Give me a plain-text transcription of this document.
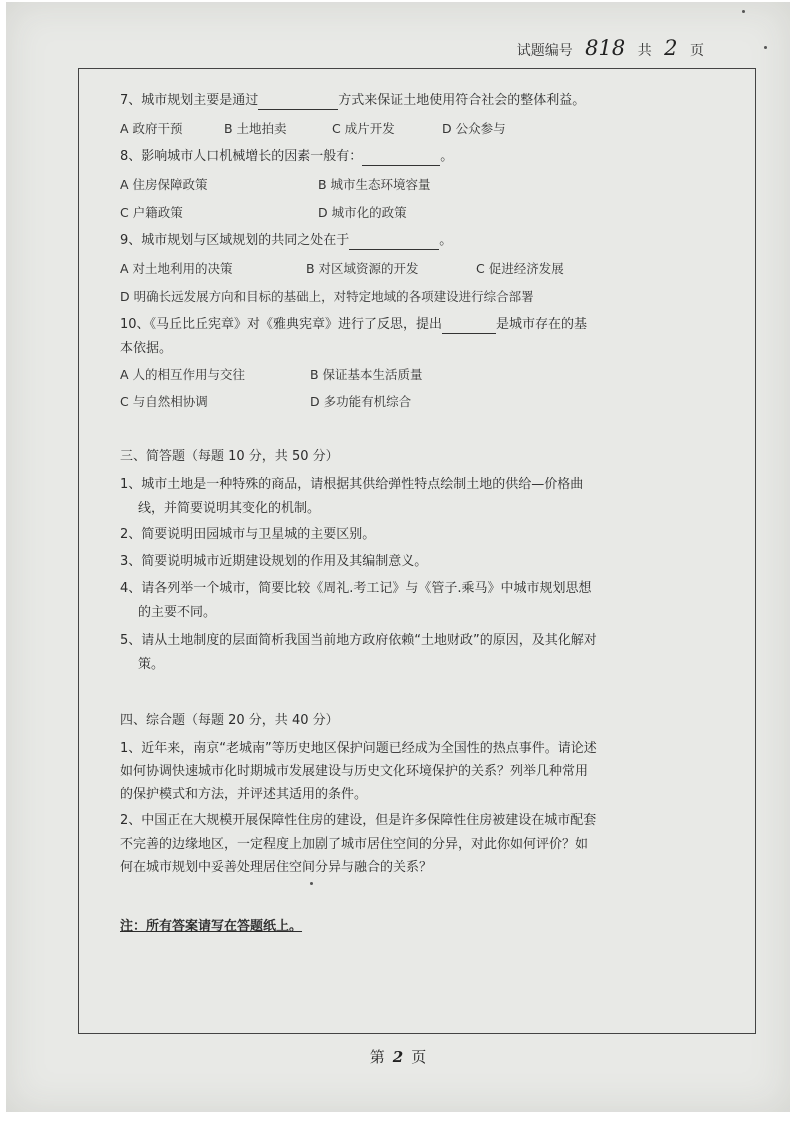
试题编号 818 共 2 页
7、城市规划主要是通过	方式来保证土地使用符合社会的整体利益。
A 政府干预	B 土地拍卖	C 成片开发	D 公众参与
8、影响城市人口机械增长的因素一般有：	。
A 住房保障政策	B 城市生态环境容量
C 户籍政策	D 城市化的政策
9、城市规划与区域规划的共同之处在于	。
A 对土地利用的决策	B 对区域资源的开发	C 促进经济发展
D 明确长远发展方向和目标的基础上，对特定地域的各项建设进行综合部署
10、《马丘比丘宪章》对《雅典宪章》进行了反思，提出	是城市存在的基
本依据。
A 人的相互作用与交往	B 保证基本生活质量
C 与自然相协调	D 多功能有机综合
三、简答题（每题 10 分，共 50 分）
1、城市土地是一种特殊的商品，请根据其供给弹性特点绘制土地的供给—价格曲
线，并简要说明其变化的机制。
2、简要说明田园城市与卫星城的主要区别。
3、简要说明城市近期建设规划的作用及其编制意义。
4、请各列举一个城市，简要比较《周礼.考工记》与《管子.乘马》中城市规划思想
的主要不同。
5、请从土地制度的层面简析我国当前地方政府依赖“土地财政”的原因，及其化解对
策。
四、综合题（每题 20 分，共 40 分）
1、近年来，南京“老城南”等历史地区保护问题已经成为全国性的热点事件。请论述
如何协调快速城市化时期城市发展建设与历史文化环境保护的关系？列举几种常用
的保护模式和方法，并评述其适用的条件。
2、中国正在大规模开展保障性住房的建设，但是许多保障性住房被建设在城市配套
不完善的边缘地区，一定程度上加剧了城市居住空间的分异，对此你如何评价？如
何在城市规划中妥善处理居住空间分异与融合的关系？
注：所有答案请写在答题纸上。
第 2 页
